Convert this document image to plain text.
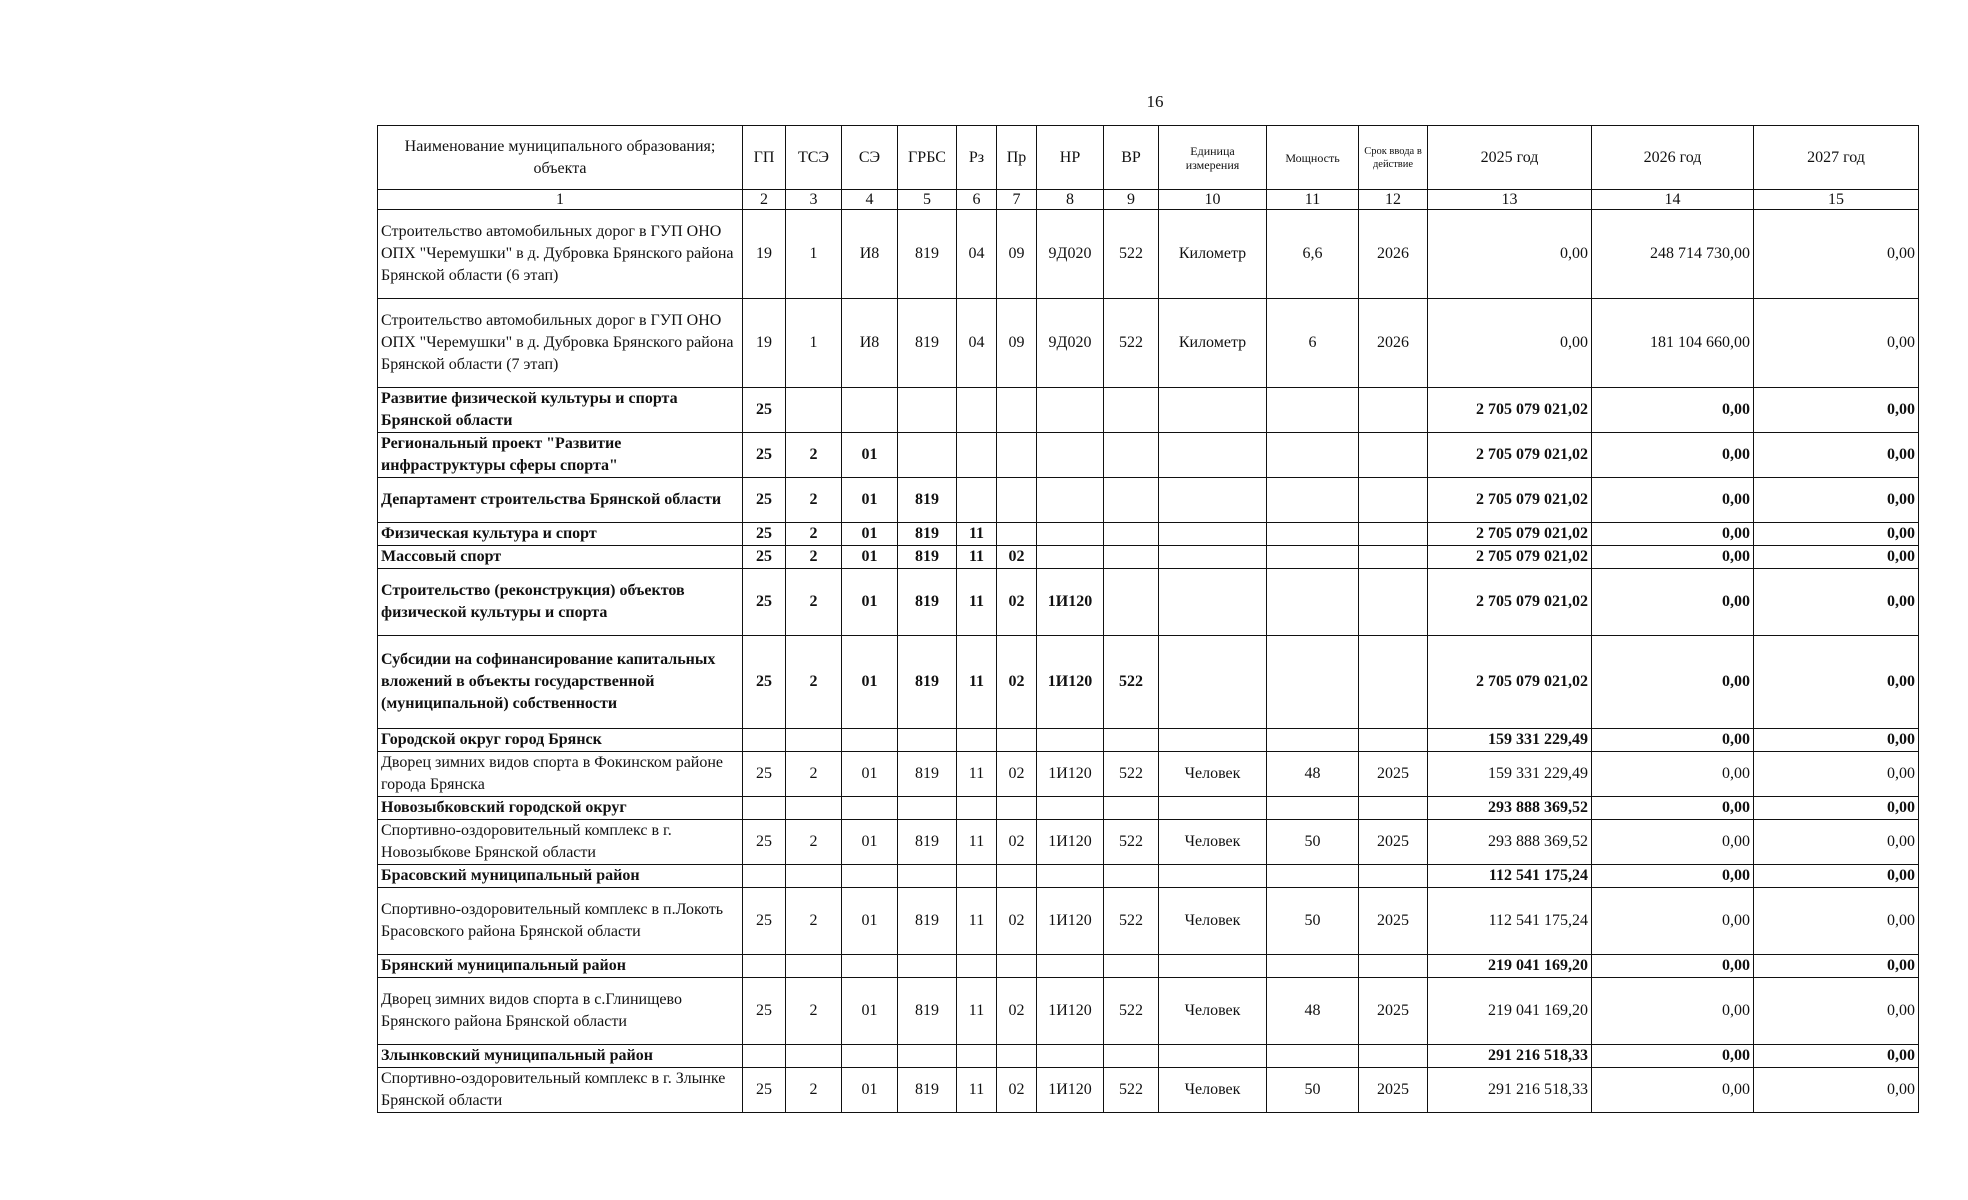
16
Наименование муниципального образования; объекта	ГП	ТСЭ	СЭ	ГРБС	Рз	Пр	НР	ВР	Единица измерения	Мощность	Срок ввода в действие	2025 год	2026 год	2027 год
1	2	3	4	5	6	7	8	9	10	11	12	13	14	15
Строительство автомобильных дорог в ГУП ОНО ОПХ "Черемушки" в д. Дубровка Брянского района Брянской области (6 этап)	19	1	И8	819	04	09	9Д020	522	Километр	6,6	2026	0,00	248 714 730,00	0,00
Строительство автомобильных дорог в ГУП ОНО ОПХ "Черемушки" в д. Дубровка Брянского района Брянской области (7 этап)	19	1	И8	819	04	09	9Д020	522	Километр	6	2026	0,00	181 104 660,00	0,00
Развитие физической культуры и спорта Брянской области	25											2 705 079 021,02	0,00	0,00
Региональный проект "Развитие инфраструктуры сферы спорта"	25	2	01									2 705 079 021,02	0,00	0,00
Департамент строительства Брянской области	25	2	01	819								2 705 079 021,02	0,00	0,00
Физическая культура и спорт	25	2	01	819	11							2 705 079 021,02	0,00	0,00
Массовый спорт	25	2	01	819	11	02						2 705 079 021,02	0,00	0,00
Строительство (реконструкция) объектов физической культуры и спорта	25	2	01	819	11	02	1И120					2 705 079 021,02	0,00	0,00
Субсидии на софинансирование капитальных вложений в объекты государственной (муниципальной) собственности	25	2	01	819	11	02	1И120	522				2 705 079 021,02	0,00	0,00
Городской округ город Брянск												159 331 229,49	0,00	0,00
Дворец зимних видов спорта в Фокинском районе города Брянска	25	2	01	819	11	02	1И120	522	Человек	48	2025	159 331 229,49	0,00	0,00
Новозыбковский городской округ												293 888 369,52	0,00	0,00
Спортивно-оздоровительный комплекс в г. Новозыбкове Брянской области	25	2	01	819	11	02	1И120	522	Человек	50	2025	293 888 369,52	0,00	0,00
Брасовский муниципальный район												112 541 175,24	0,00	0,00
Спортивно-оздоровительный комплекс в п.Локоть Брасовского района Брянской области	25	2	01	819	11	02	1И120	522	Человек	50	2025	112 541 175,24	0,00	0,00
Брянский муниципальный район												219 041 169,20	0,00	0,00
Дворец зимних видов спорта в с.Глинищево Брянского района Брянской области	25	2	01	819	11	02	1И120	522	Человек	48	2025	219 041 169,20	0,00	0,00
Злынковский муниципальный район												291 216 518,33	0,00	0,00
Спортивно-оздоровительный комплекс в г. Злынке Брянской области	25	2	01	819	11	02	1И120	522	Человек	50	2025	291 216 518,33	0,00	0,00
